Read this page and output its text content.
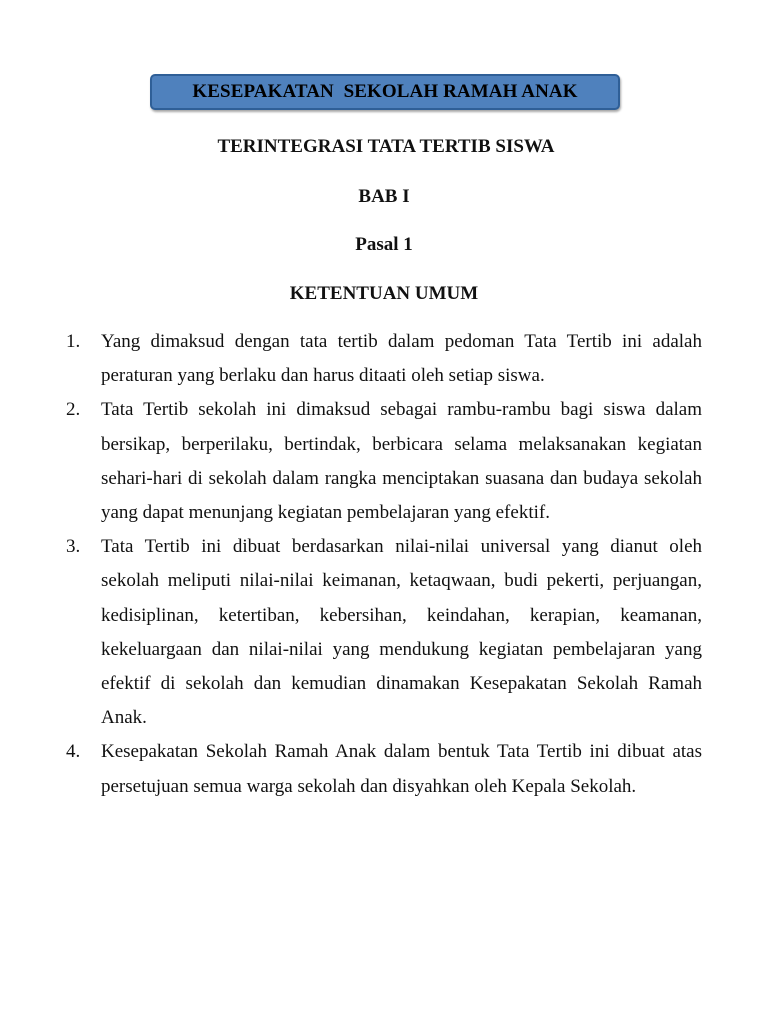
KESEPAKATAN  SEKOLAH RAMAH ANAK

TERINTEGRASI TATA TERTIB SISWA

BAB I

Pasal 1

KETENTUAN UMUM

1.	Yang dimaksud dengan tata tertib dalam pedoman Tata Tertib ini adalah peraturan yang berlaku dan harus ditaati oleh setiap siswa.
2.	Tata Tertib sekolah ini dimaksud sebagai rambu-rambu bagi siswa dalam bersikap, berperilaku, bertindak, berbicara selama melaksanakan kegiatan sehari-hari di sekolah dalam rangka menciptakan suasana dan budaya sekolah yang dapat menunjang kegiatan pembelajaran yang efektif.
3.	Tata Tertib ini dibuat berdasarkan nilai-nilai universal yang dianut oleh sekolah meliputi nilai-nilai keimanan, ketaqwaan, budi pekerti, perjuangan, kedisiplinan, ketertiban, kebersihan, keindahan, kerapian, keamanan, kekeluargaan dan nilai-nilai yang mendukung kegiatan pembelajaran yang efektif di sekolah dan kemudian dinamakan Kesepakatan Sekolah Ramah Anak.
4.	Kesepakatan Sekolah Ramah Anak dalam bentuk Tata Tertib ini dibuat atas persetujuan semua warga sekolah dan disyahkan oleh Kepala Sekolah.
